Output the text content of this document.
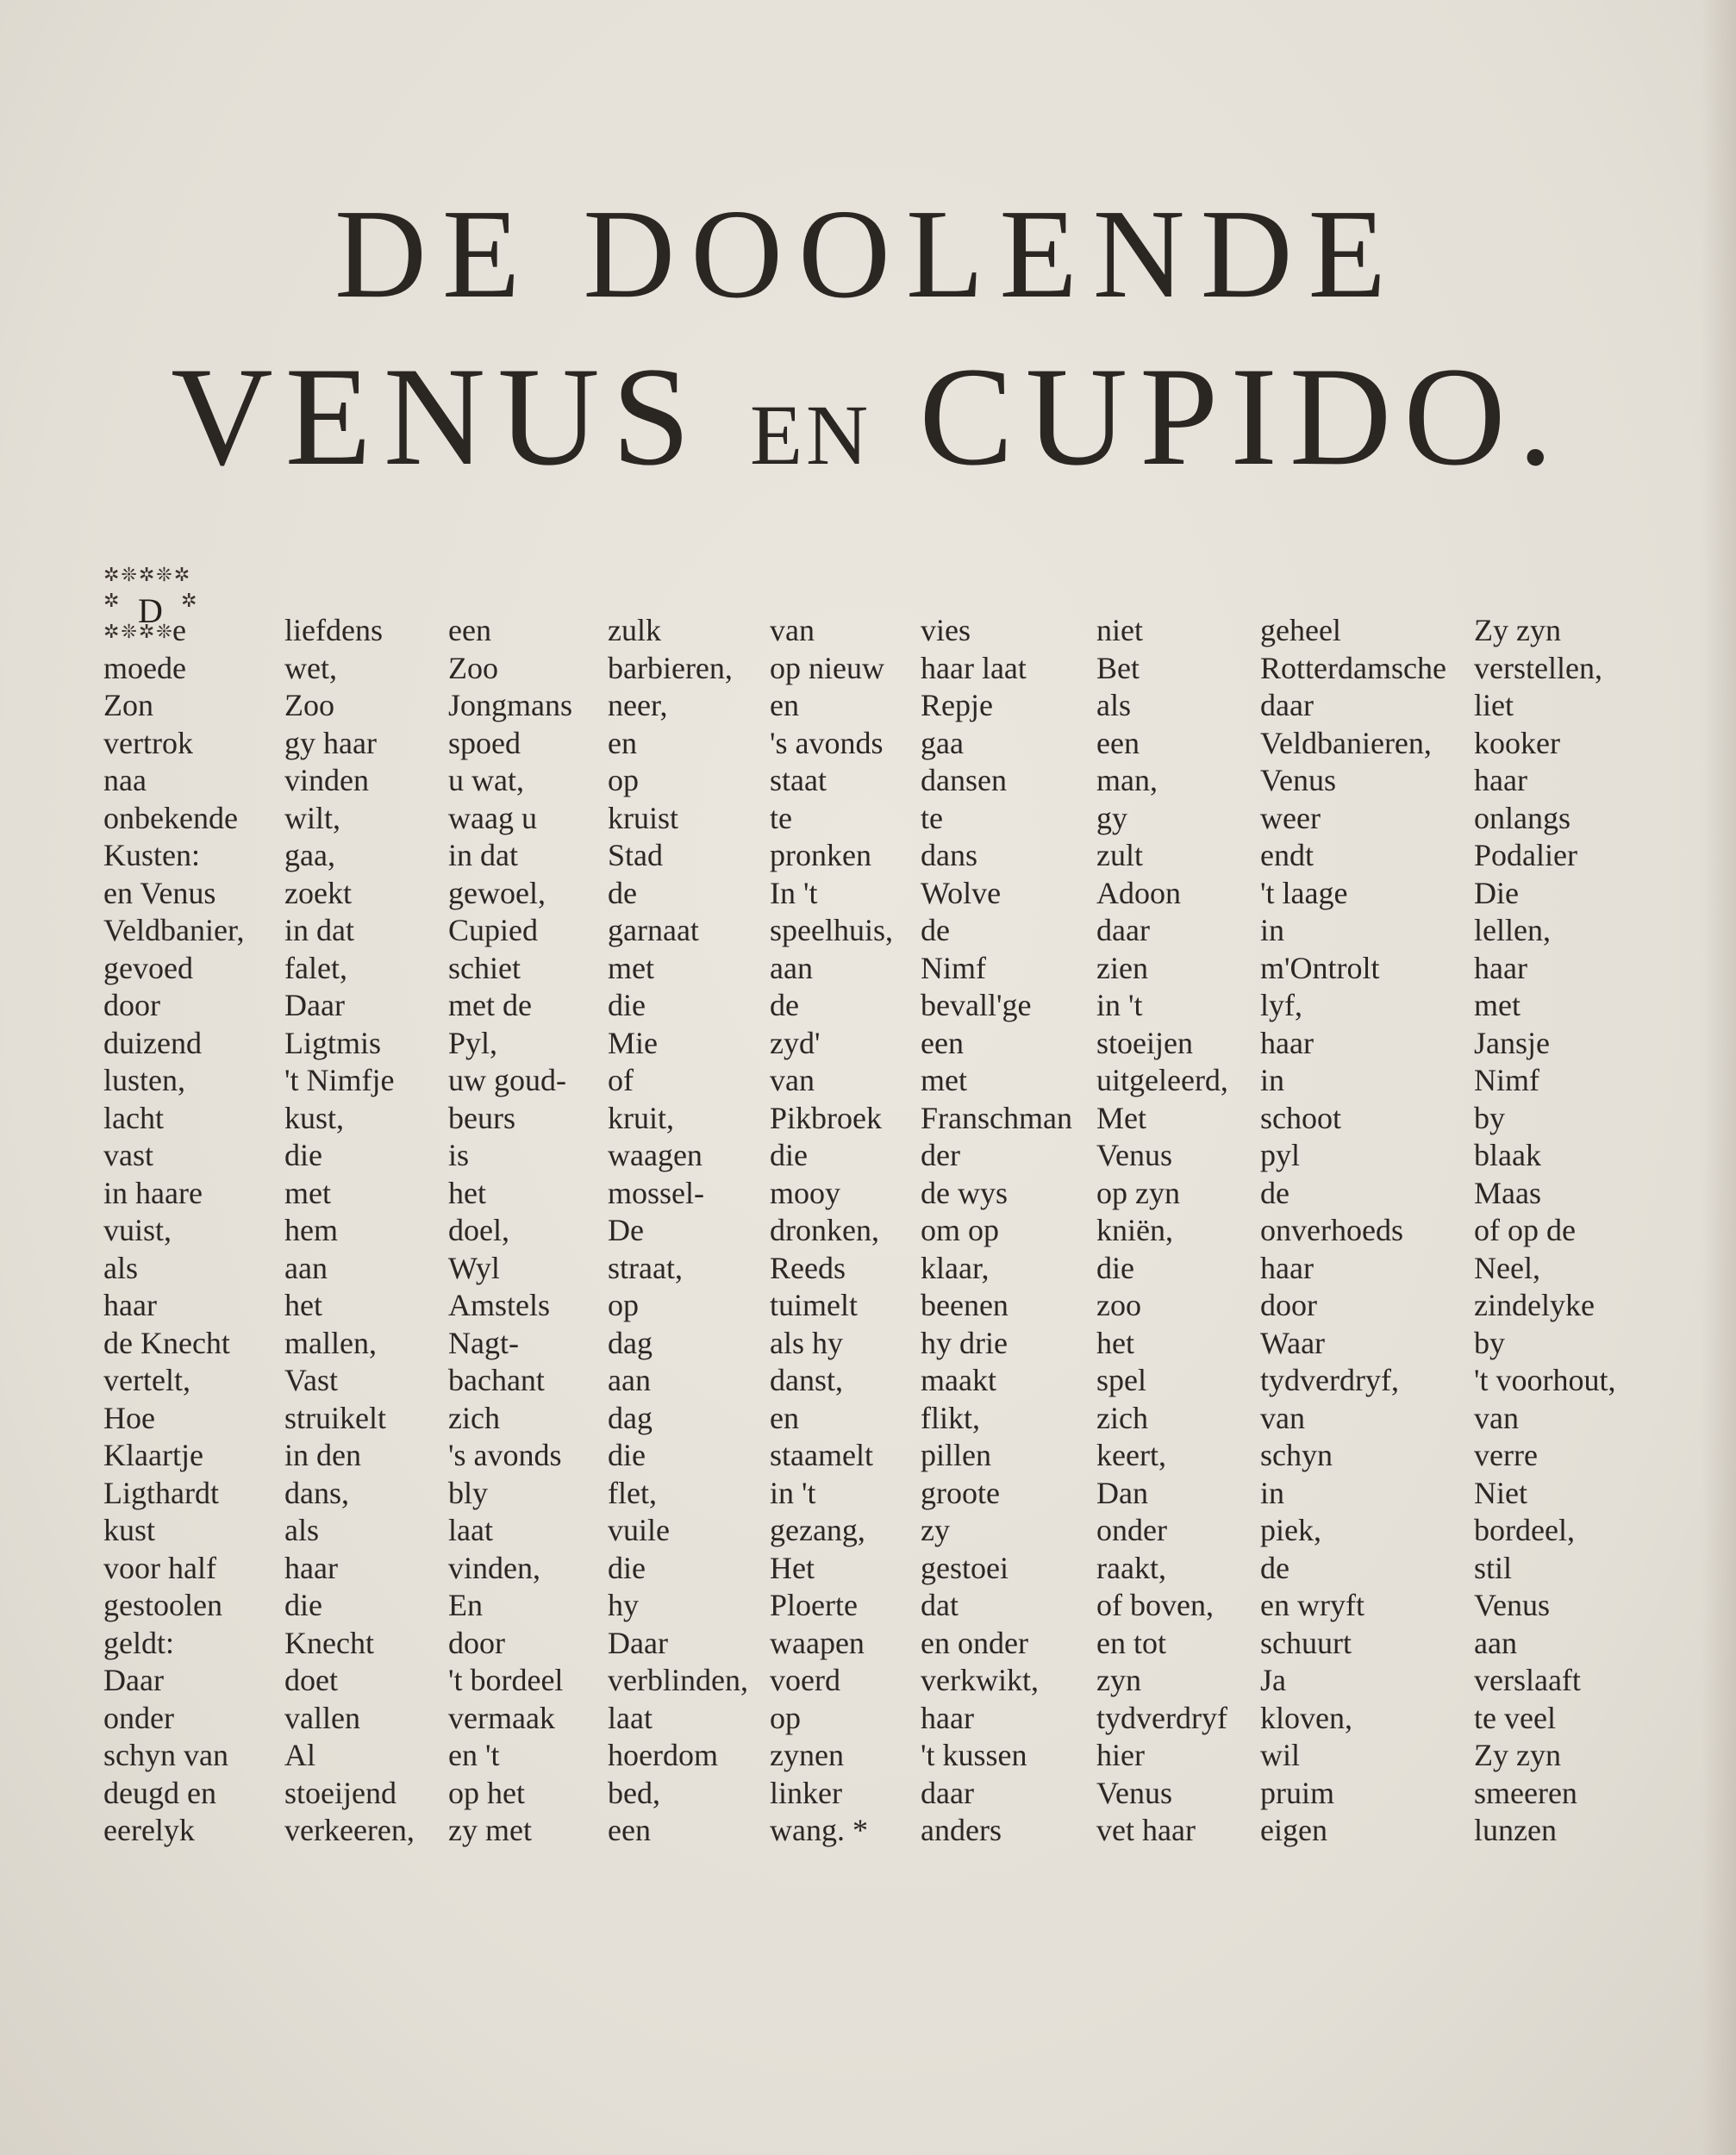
DE DOOLENDE
VENUS EN CUPIDO.
✲❊✲❊✲
✲	✲
D
✲❊✲❊
e
moede
Zon
vertrok
naa
onbekende
Kusten:
en Venus
Veldbanier,
gevoed
door
duizend
lusten,
lacht
vast
in haare
vuist,
als
haar
de Knecht
vertelt,
Hoe
Klaartje
Ligthardt
kust
voor half
gestoolen
geldt:
Daar
onder
schyn van
deugd en
eerelyk
liefdens
wet,
Zoo
gy haar
vinden
wilt,
gaa,
zoekt
in dat
falet,
Daar
Ligtmis
't Nimfje
kust,
die
met
hem
aan
het
mallen,
Vast
struikelt
in den
dans,
als
haar
die
Knecht
doet
vallen
Al
stoeijend
verkeeren,
een
Zoo
Jongmans
spoed
u wat,
waag u
in dat
gewoel,
Cupied
schiet
met de
Pyl,
uw goud-
beurs
is
het
doel,
Wyl
Amstels
Nagt-
bachant
zich
's avonds
bly
laat
vinden,
En
door
't bordeel
vermaak
en 't
op het
zy met
zulk
barbieren,
neer,
en
op
kruist
Stad
de
garnaat
met
die
Mie
of
kruit,
waagen
mossel-
De
straat,
op
dag
aan
dag
die
flet,
vuile
die
hy
Daar
verblinden,
laat
hoerdom
bed,
een
van
op nieuw
en
's avonds
staat
te
pronken
In 't
speelhuis,
aan
de
zyd'
van
Pikbroek
die
mooy
dronken,
Reeds
tuimelt
als hy
danst,
en
staamelt
in 't
gezang,
Het
Ploerte
waapen
voerd
op
zynen
linker
wang. *
vies
haar laat
Repje
gaa
dansen
te
dans
Wolve
de
Nimf
bevall'ge
een
met
Franschman
der
de wys
om op
klaar,
beenen
hy drie
maakt
flikt,
pillen
groote
zy
gestoei
dat
en onder
verkwikt,
haar
't kussen
daar
anders
niet
Bet
als
een
man,
gy
zult
Adoon
daar
zien
in 't
stoeijen
uitgeleerd,
Met
Venus
op zyn
kniën,
die
zoo
het
spel
zich
keert,
Dan
onder
raakt,
of boven,
en tot
zyn
tydverdryf
hier
Venus
vet haar
geheel
Rotterdamsche
daar
Veldbanieren,
Venus
weer
endt
't laage
in
m'Ontrolt
lyf,
haar
in
schoot
pyl
de
onverhoeds
haar
door
Waar
tydverdryf,
van
schyn
in
piek,
de
en wryft
schuurt
Ja
kloven,
wil
pruim
eigen
Zy zyn
verstellen,
liet
kooker
haar
onlangs
Podalier
Die
lellen,
haar
met
Jansje
Nimf
by
blaak
Maas
of op de
Neel,
zindelyke
by
't voorhout,
van
verre
Niet
bordeel,
stil
Venus
aan
verslaaft
te veel
Zy zyn
smeeren
lunzen
